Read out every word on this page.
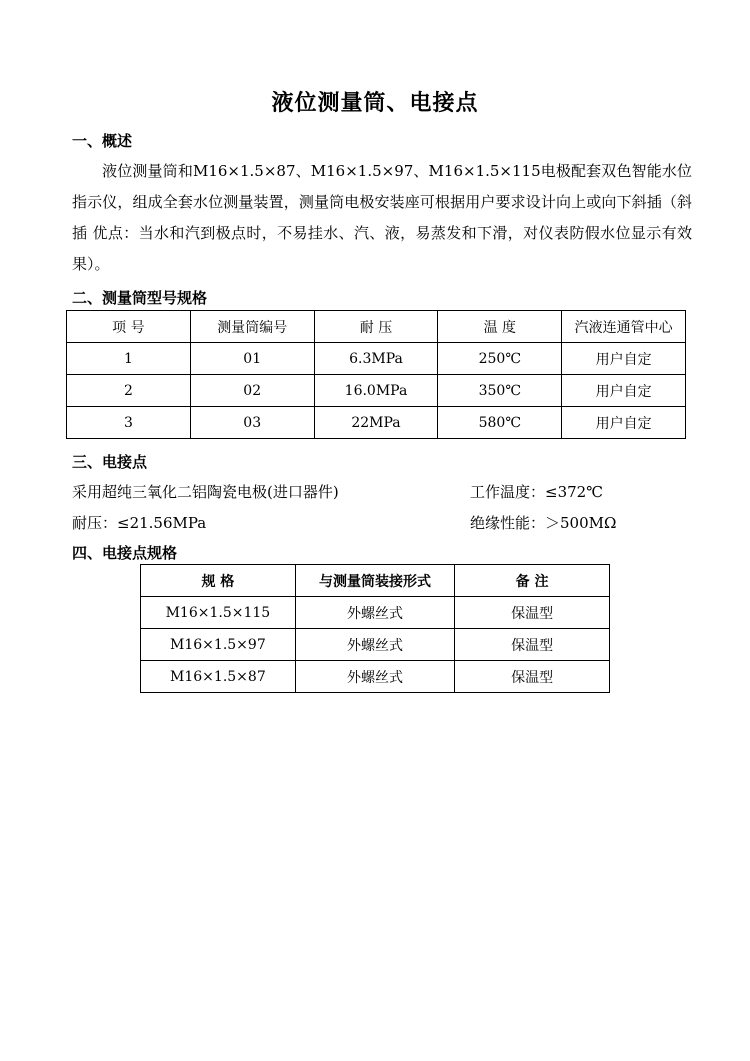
液位测量筒、电接点
一、概述
液位测量筒和M16×1.5×87、M16×1.5×97、M16×1.5×115电极配套双色智能水位指示仪，组成全套水位测量装置，测量筒电极安装座可根据用户要求设计向上或向下斜插（斜插 优点：当水和汽到极点时，不易挂水、汽、液，易蒸发和下滑，对仪表防假水位显示有效果）。
二、测量筒型号规格
项 号	测量筒编号	耐 压	温 度	汽液连通管中心
1	01	6.3MPa	250℃	用户自定
2	02	16.0MPa	350℃	用户自定
3	03	22MPa	580℃	用户自定
三、电接点
采用超纯三氧化二铝陶瓷电极(进口器件)	工作温度：≤372℃
耐压：≤21.56MPa	绝缘性能：＞500MΩ
四、电接点规格
规 格	与测量筒装接形式	备 注
M16×1.5×115	外螺丝式	保温型
M16×1.5×97	外螺丝式	保温型
M16×1.5×87	外螺丝式	保温型
